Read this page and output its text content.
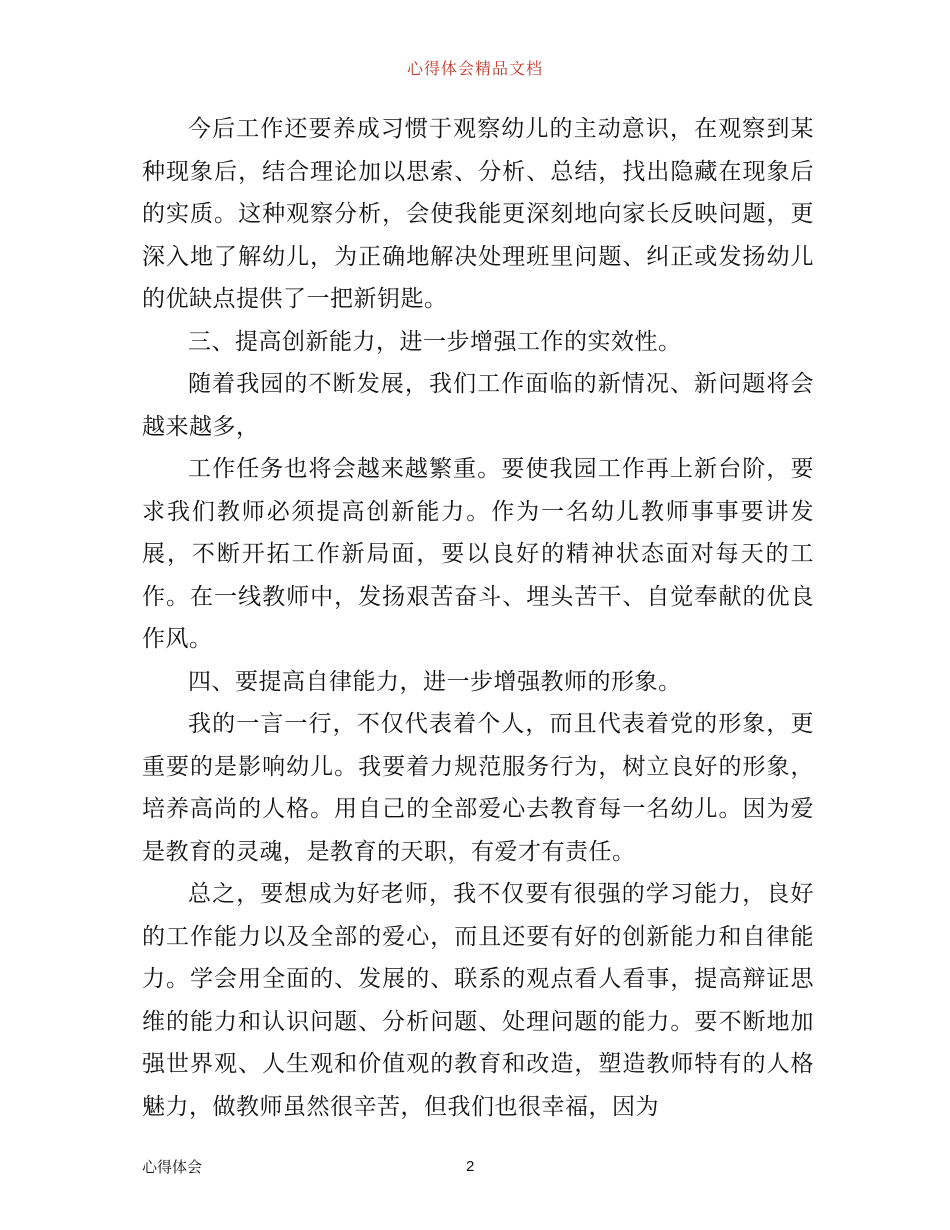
心得体会精品文档

今后工作还要养成习惯于观察幼儿的主动意识，在观察到某种现象后，结合理论加以思索、分析、总结，找出隐藏在现象后的实质。这种观察分析，会使我能更深刻地向家长反映问题，更深入地了解幼儿，为正确地解决处理班里问题、纠正或发扬幼儿的优缺点提供了一把新钥匙。

三、提高创新能力，进一步增强工作的实效性。

随着我园的不断发展，我们工作面临的新情况、新问题将会越来越多，

工作任务也将会越来越繁重。要使我园工作再上新台阶，要求我们教师必须提高创新能力。作为一名幼儿教师事事要讲发展，不断开拓工作新局面，要以良好的精神状态面对每天的工作。在一线教师中，发扬艰苦奋斗、埋头苦干、自觉奉献的优良作风。

四、要提高自律能力，进一步增强教师的形象。

我的一言一行，不仅代表着个人，而且代表着党的形象，更重要的是影响幼儿。我要着力规范服务行为，树立良好的形象，培养高尚的人格。用自己的全部爱心去教育每一名幼儿。因为爱是教育的灵魂，是教育的天职，有爱才有责任。

总之，要想成为好老师，我不仅要有很强的学习能力，良好的工作能力以及全部的爱心，而且还要有好的创新能力和自律能力。学会用全面的、发展的、联系的观点看人看事，提高辩证思维的能力和认识问题、分析问题、处理问题的能力。要不断地加强世界观、人生观和价值观的教育和改造，塑造教师特有的人格魅力，做教师虽然很辛苦，但我们也很幸福，因为

心得体会	2
